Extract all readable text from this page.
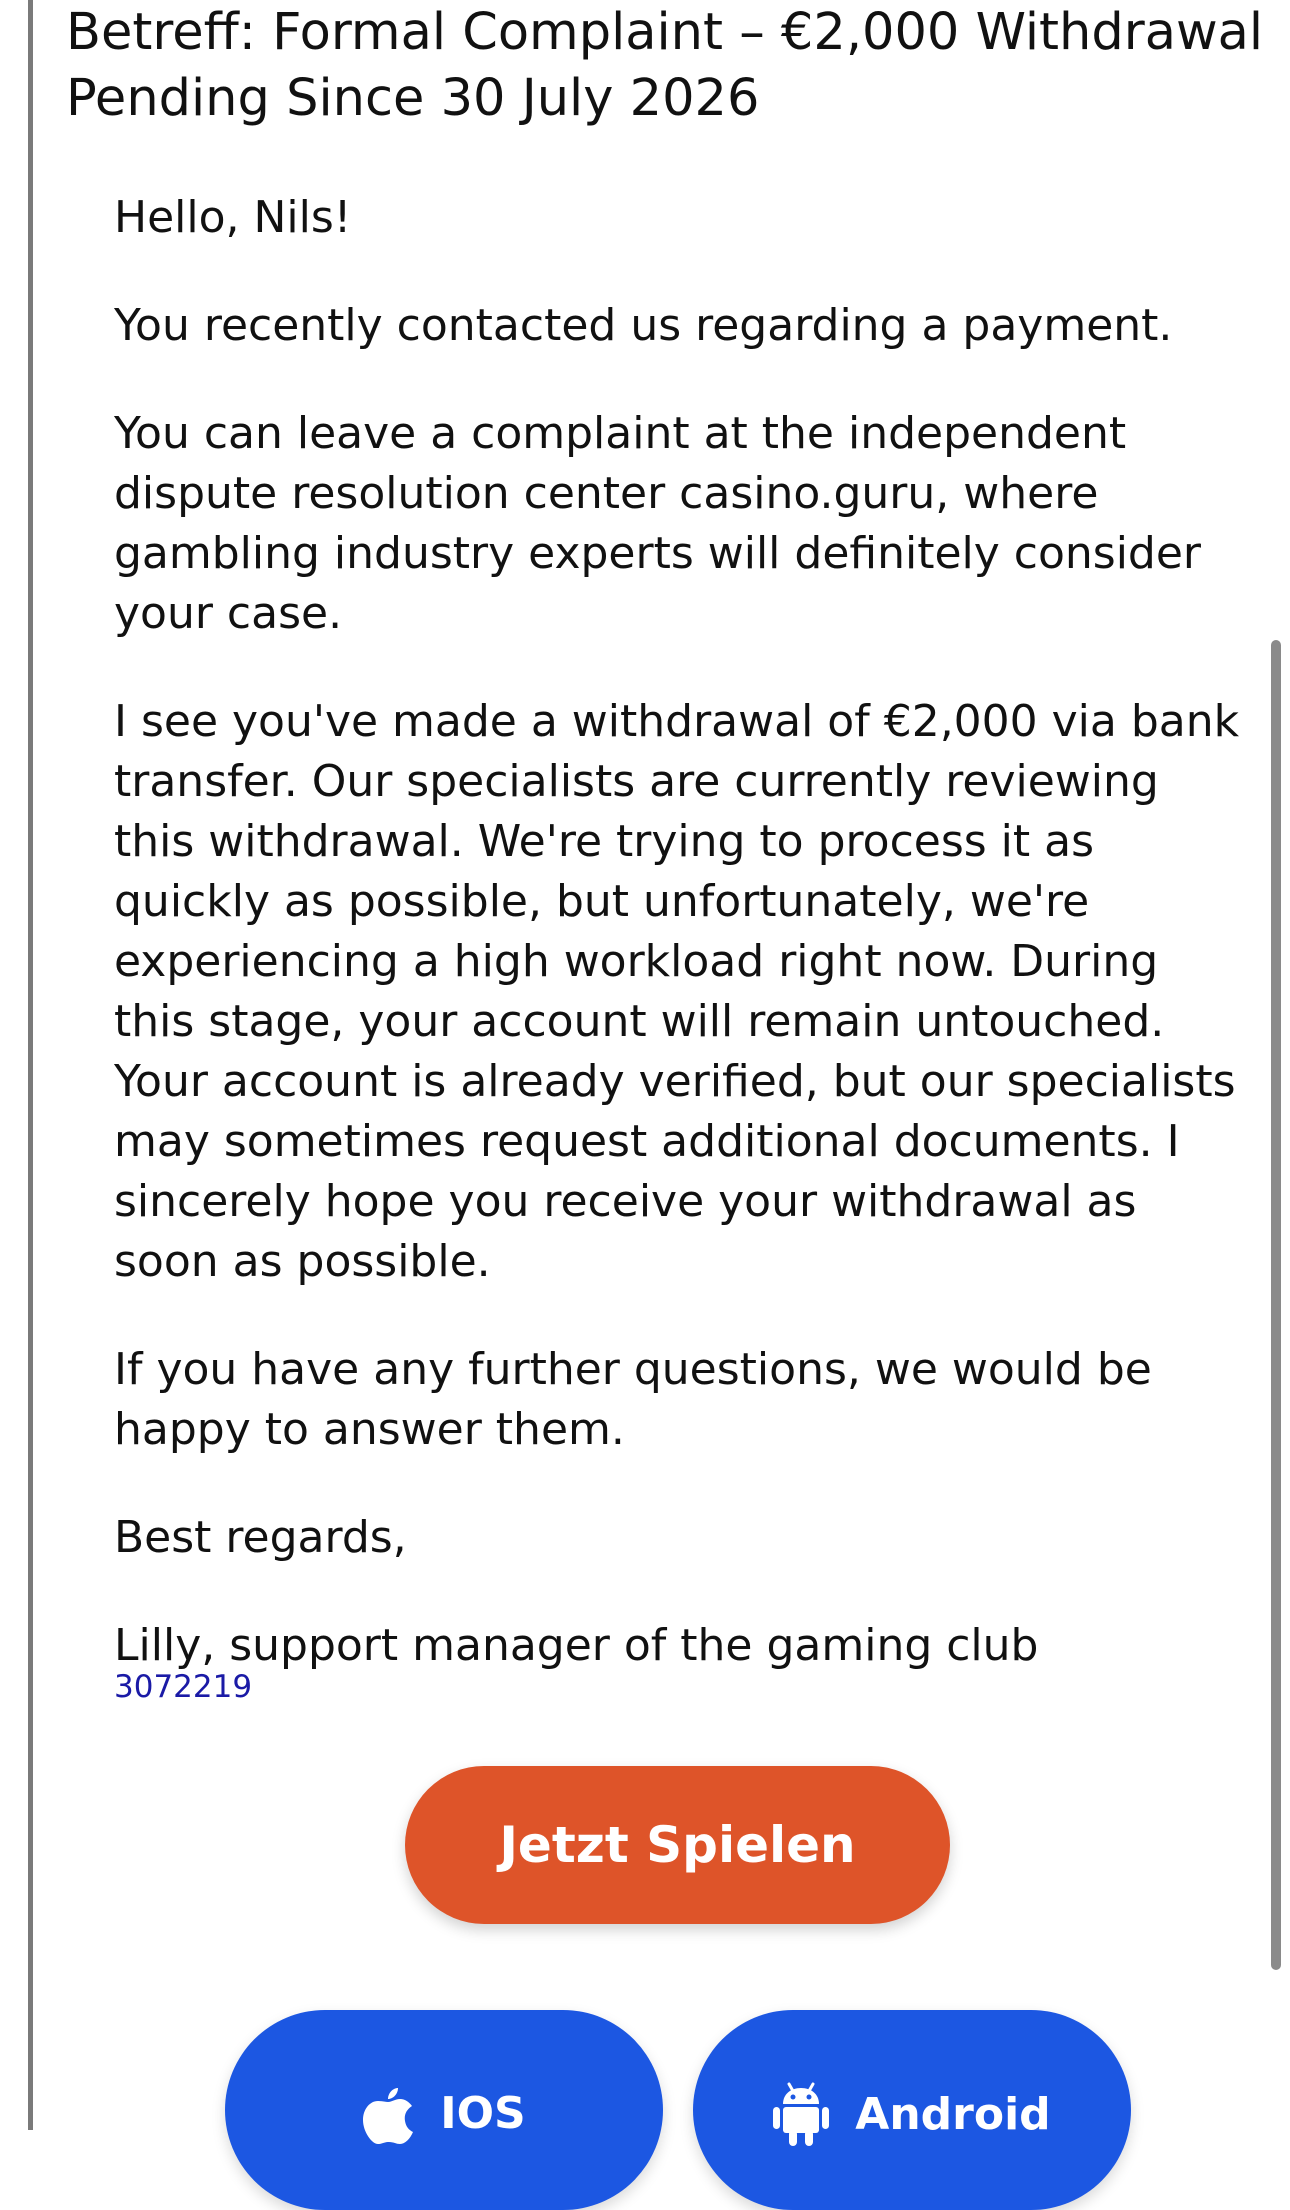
Betreff: Formal Complaint – €2,000 Withdrawal
Pending Since 30 July 2026

Hello, Nils!

You recently contacted us regarding a payment.

You can leave a complaint at the independent dispute resolution center casino.guru, where gambling industry experts will definitely consider your case.

I see you've made a withdrawal of €2,000 via bank transfer. Our specialists are currently reviewing this withdrawal. We're trying to process it as quickly as possible, but unfortunately, we're experiencing a high workload right now. During this stage, your account will remain untouched. Your account is already verified, but our specialists may sometimes request additional documents. I sincerely hope you receive your withdrawal as soon as possible.

If you have any further questions, we would be happy to answer them.

Best regards,

Lilly, support manager of the gaming club

3072219
Jetzt Spielen
IOS	Android
